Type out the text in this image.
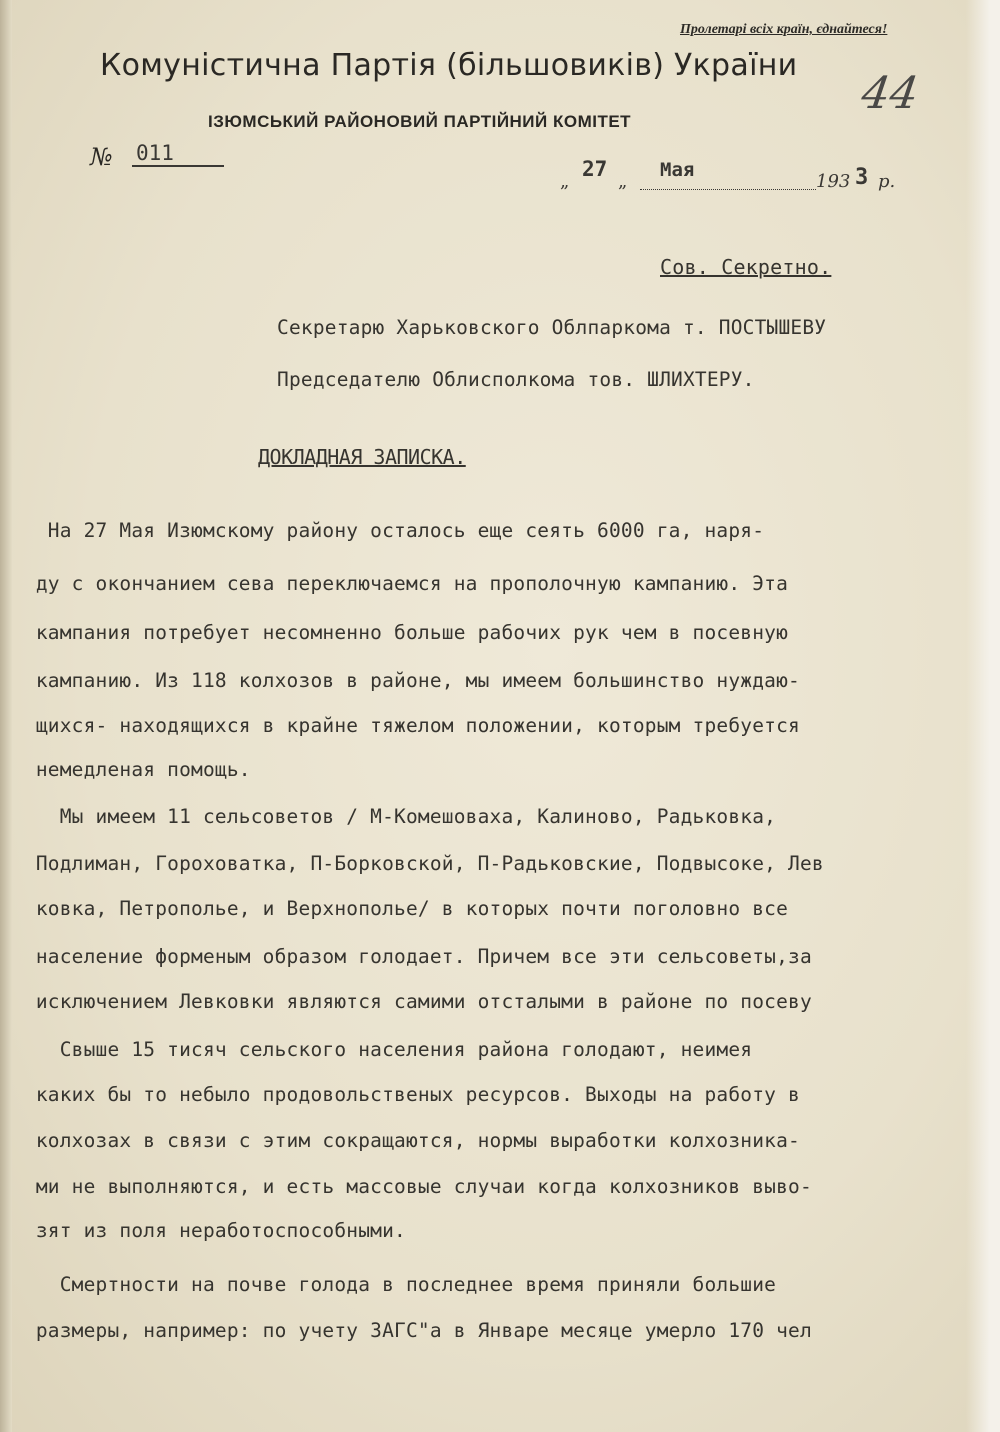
Пролетарі всіх країн, єднайтеся!
44
Комуністична Партія (більшовиків) України
ІЗЮМСЬКИЙ РАЙОНОВИЙ ПАРТІЙНИЙ КОМІТЕТ
№	011
„
27
„
Мая
193 3 р.
Сов. Секретно.
Секретарю Харьковского Облпаркома т. ПОСТЫШЕВУ
Председателю Облисполкома тов. ШЛИХТЕРУ.
ДОКЛАДНАЯ ЗАПИСКА.
На 27 Мая Изюмскому району осталось еще сеять 6000 га, наря-
ду с окончанием сева переключаемся на прополочную кампанию. Эта
кампания потребует несомненно больше рабочих рук чем в посевную
кампанию. Из 118 колхозов в районе, мы имеем большинство нуждаю-
щихся- находящихся в крайне тяжелом положении, которым требуется
немедленая помощь.
Мы имеем 11 сельсоветов / М-Комешоваха, Калиново, Радьковка,
Подлиман, Гороховатка, П-Борковской, П-Радьковские, Подвысоке, Лев
ковка, Петрополье, и Верхнополье/ в которых почти поголовно все
население форменым образом голодает. Причем все эти сельсоветы,за
исключением Левковки являются самими отсталыми в районе по посеву
Свыше 15 тисяч сельского населения района голодают, неимея
каких бы то небыло продовольственых ресурсов. Выходы на работу в
колхозах в связи с этим сокращаются, нормы выработки колхозника-
ми не выполняются, и есть массовые случаи когда колхозников выво-
зят из поля неработоспособными.
Смертности на почве голода в последнее время приняли большие
размеры, например: по учету ЗАГС"а в Январе месяце умерло 170 чел
